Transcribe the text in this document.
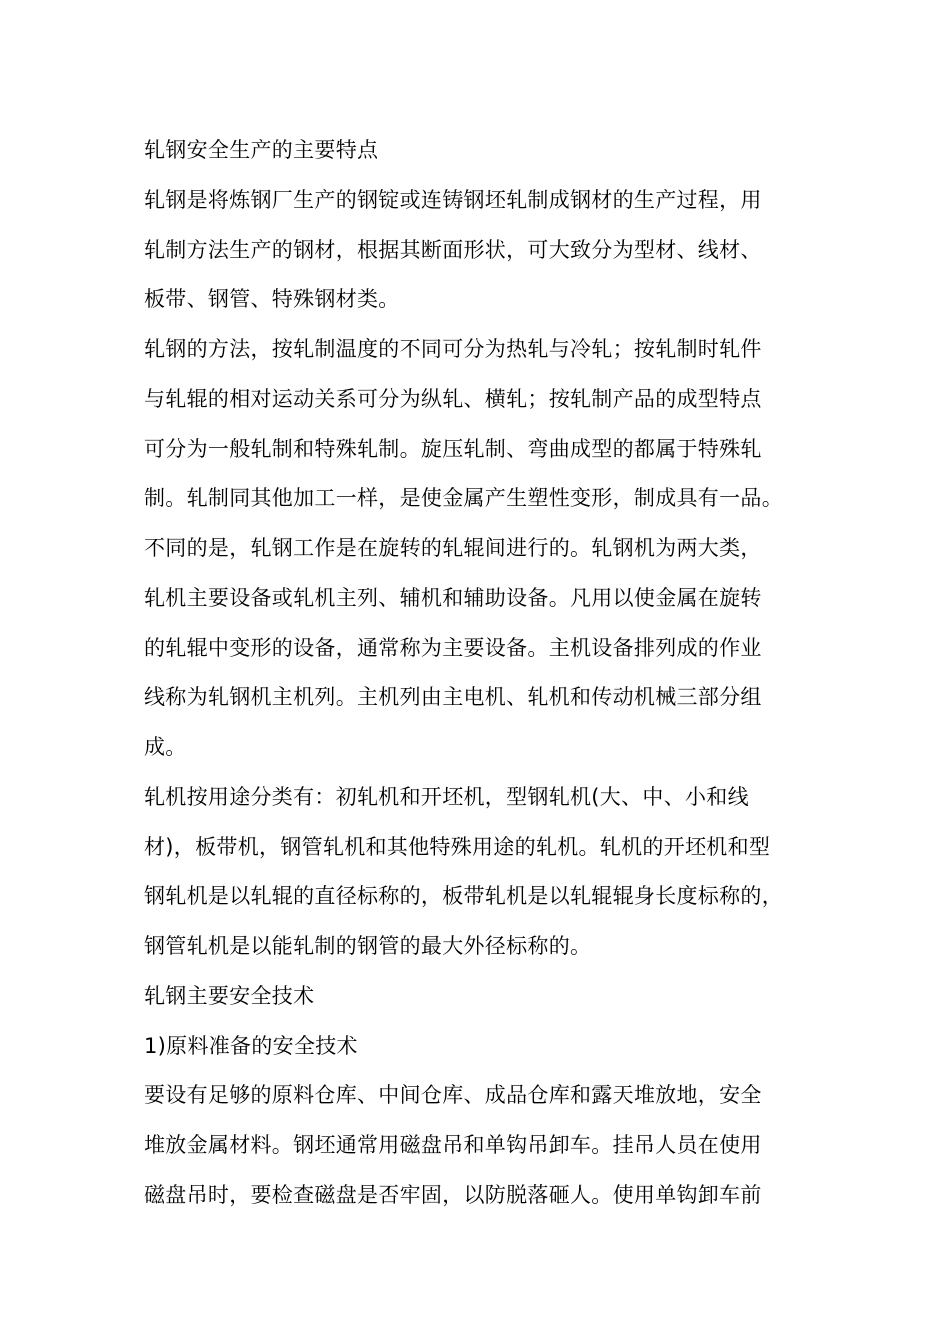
轧钢安全生产的主要特点
轧钢是将炼钢厂生产的钢锭或连铸钢坯轧制成钢材的生产过程，用
轧制方法生产的钢材，根据其断面形状，可大致分为型材、线材、
板带、钢管、特殊钢材类。
轧钢的方法，按轧制温度的不同可分为热轧与冷轧；按轧制时轧件
与轧辊的相对运动关系可分为纵轧、横轧；按轧制产品的成型特点
可分为一般轧制和特殊轧制。旋压轧制、弯曲成型的都属于特殊轧
制。轧制同其他加工一样，是使金属产生塑性变形，制成具有一品。
不同的是，轧钢工作是在旋转的轧辊间进行的。轧钢机为两大类，
轧机主要设备或轧机主列、辅机和辅助设备。凡用以使金属在旋转
的轧辊中变形的设备，通常称为主要设备。主机设备排列成的作业
线称为轧钢机主机列。主机列由主电机、轧机和传动机械三部分组
成。
轧机按用途分类有：初轧机和开坯机，型钢轧机(大、中、小和线
材)，板带机，钢管轧机和其他特殊用途的轧机。轧机的开坯机和型
钢轧机是以轧辊的直径标称的，板带轧机是以轧辊辊身长度标称的，
钢管轧机是以能轧制的钢管的最大外径标称的。
轧钢主要安全技术
1)原料准备的安全技术
要设有足够的原料仓库、中间仓库、成品仓库和露天堆放地，安全
堆放金属材料。钢坯通常用磁盘吊和单钩吊卸车。挂吊人员在使用
磁盘吊时，要检查磁盘是否牢固，以防脱落砸人。使用单钩卸车前
